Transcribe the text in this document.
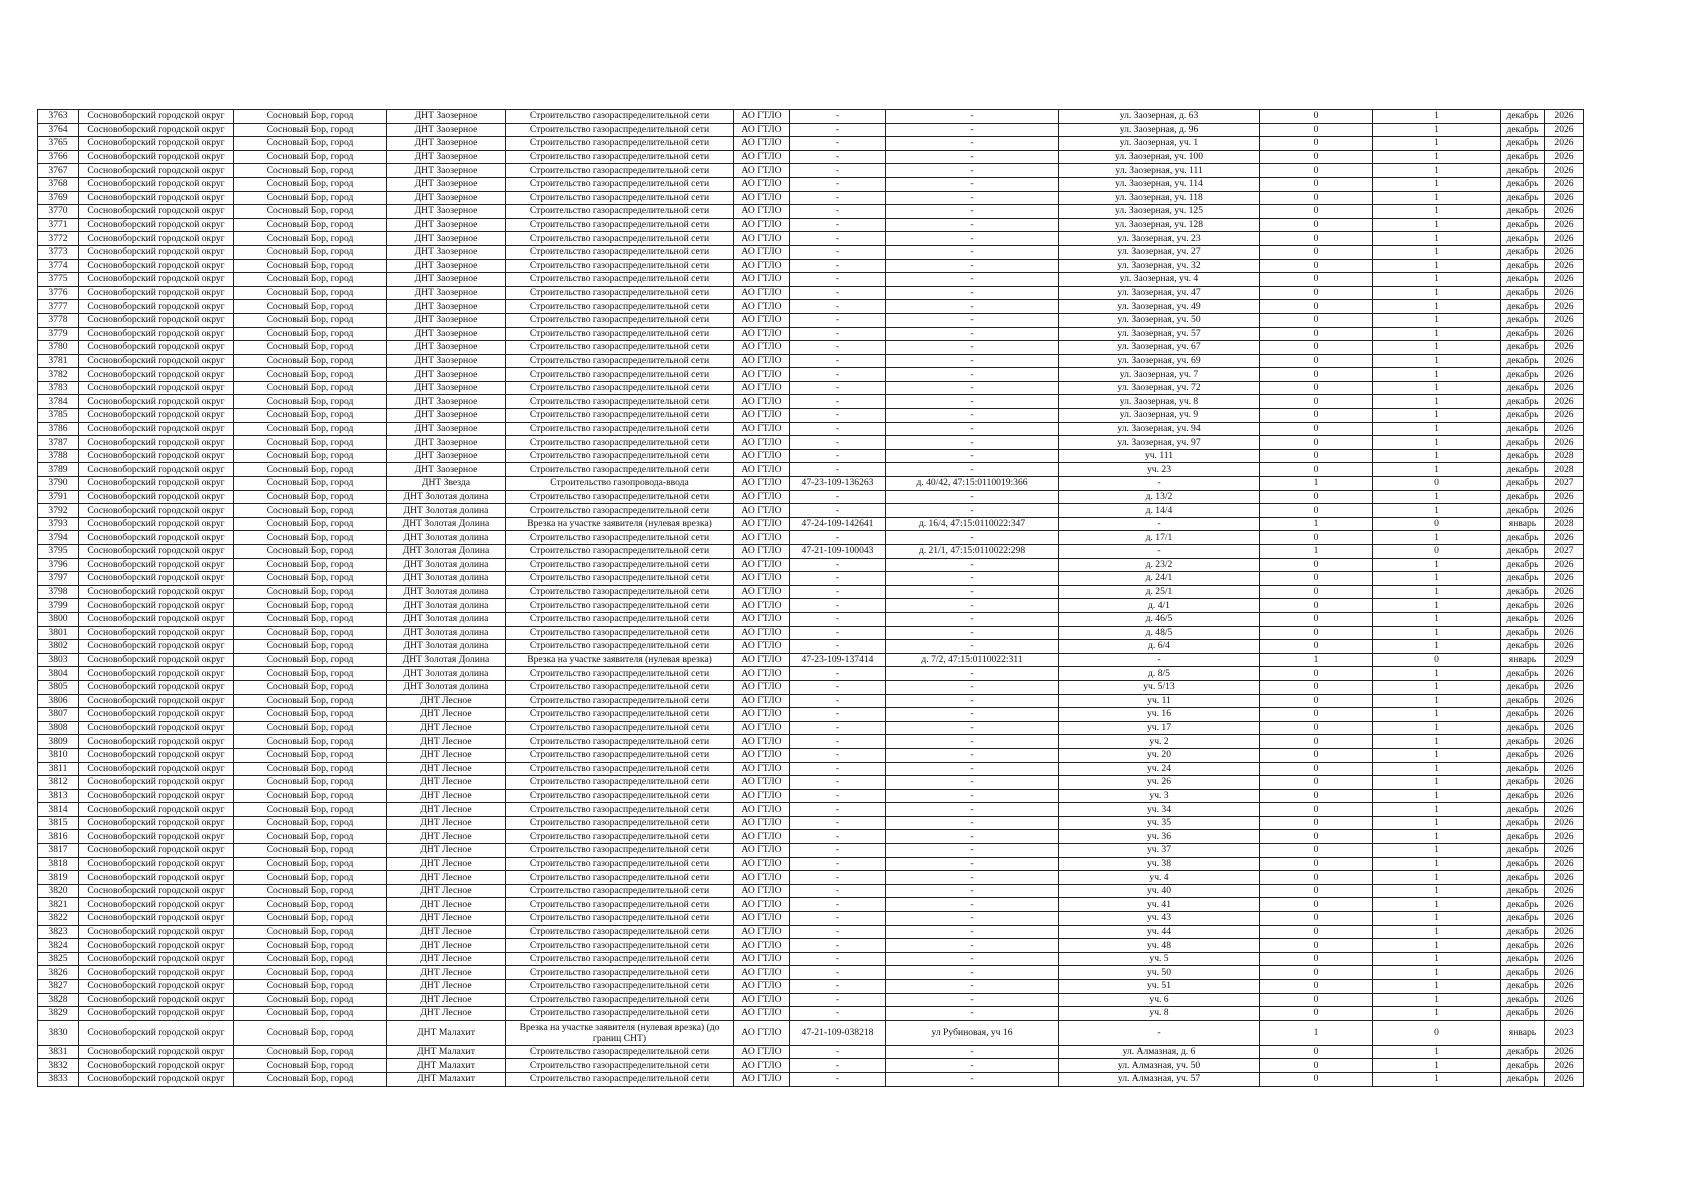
3763	Сосновоборский городской округ	Сосновый Бор, город	ДНТ Заозерное	Строительство газораспределительной сети	АО ГТЛО	-	-	ул. Заозерная, д. 63	0	1	декабрь	2026
3764	Сосновоборский городской округ	Сосновый Бор, город	ДНТ Заозерное	Строительство газораспределительной сети	АО ГТЛО	-	-	ул. Заозерная, д. 96	0	1	декабрь	2026
3765	Сосновоборский городской округ	Сосновый Бор, город	ДНТ Заозерное	Строительство газораспределительной сети	АО ГТЛО	-	-	ул. Заозерная, уч. 1	0	1	декабрь	2026
3766	Сосновоборский городской округ	Сосновый Бор, город	ДНТ Заозерное	Строительство газораспределительной сети	АО ГТЛО	-	-	ул. Заозерная, уч. 100	0	1	декабрь	2026
3767	Сосновоборский городской округ	Сосновый Бор, город	ДНТ Заозерное	Строительство газораспределительной сети	АО ГТЛО	-	-	ул. Заозерная, уч. 111	0	1	декабрь	2026
3768	Сосновоборский городской округ	Сосновый Бор, город	ДНТ Заозерное	Строительство газораспределительной сети	АО ГТЛО	-	-	ул. Заозерная, уч. 114	0	1	декабрь	2026
3769	Сосновоборский городской округ	Сосновый Бор, город	ДНТ Заозерное	Строительство газораспределительной сети	АО ГТЛО	-	-	ул. Заозерная, уч. 118	0	1	декабрь	2026
3770	Сосновоборский городской округ	Сосновый Бор, город	ДНТ Заозерное	Строительство газораспределительной сети	АО ГТЛО	-	-	ул. Заозерная, уч. 125	0	1	декабрь	2026
3771	Сосновоборский городской округ	Сосновый Бор, город	ДНТ Заозерное	Строительство газораспределительной сети	АО ГТЛО	-	-	ул. Заозерная, уч. 128	0	1	декабрь	2026
3772	Сосновоборский городской округ	Сосновый Бор, город	ДНТ Заозерное	Строительство газораспределительной сети	АО ГТЛО	-	-	ул. Заозерная, уч. 23	0	1	декабрь	2026
3773	Сосновоборский городской округ	Сосновый Бор, город	ДНТ Заозерное	Строительство газораспределительной сети	АО ГТЛО	-	-	ул. Заозерная, уч. 27	0	1	декабрь	2026
3774	Сосновоборский городской округ	Сосновый Бор, город	ДНТ Заозерное	Строительство газораспределительной сети	АО ГТЛО	-	-	ул. Заозерная, уч. 32	0	1	декабрь	2026
3775	Сосновоборский городской округ	Сосновый Бор, город	ДНТ Заозерное	Строительство газораспределительной сети	АО ГТЛО	-	-	ул. Заозерная, уч. 4	0	1	декабрь	2026
3776	Сосновоборский городской округ	Сосновый Бор, город	ДНТ Заозерное	Строительство газораспределительной сети	АО ГТЛО	-	-	ул. Заозерная, уч. 47	0	1	декабрь	2026
3777	Сосновоборский городской округ	Сосновый Бор, город	ДНТ Заозерное	Строительство газораспределительной сети	АО ГТЛО	-	-	ул. Заозерная, уч. 49	0	1	декабрь	2026
3778	Сосновоборский городской округ	Сосновый Бор, город	ДНТ Заозерное	Строительство газораспределительной сети	АО ГТЛО	-	-	ул. Заозерная, уч. 50	0	1	декабрь	2026
3779	Сосновоборский городской округ	Сосновый Бор, город	ДНТ Заозерное	Строительство газораспределительной сети	АО ГТЛО	-	-	ул. Заозерная, уч. 57	0	1	декабрь	2026
3780	Сосновоборский городской округ	Сосновый Бор, город	ДНТ Заозерное	Строительство газораспределительной сети	АО ГТЛО	-	-	ул. Заозерная, уч. 67	0	1	декабрь	2026
3781	Сосновоборский городской округ	Сосновый Бор, город	ДНТ Заозерное	Строительство газораспределительной сети	АО ГТЛО	-	-	ул. Заозерная, уч. 69	0	1	декабрь	2026
3782	Сосновоборский городской округ	Сосновый Бор, город	ДНТ Заозерное	Строительство газораспределительной сети	АО ГТЛО	-	-	ул. Заозерная, уч. 7	0	1	декабрь	2026
3783	Сосновоборский городской округ	Сосновый Бор, город	ДНТ Заозерное	Строительство газораспределительной сети	АО ГТЛО	-	-	ул. Заозерная, уч. 72	0	1	декабрь	2026
3784	Сосновоборский городской округ	Сосновый Бор, город	ДНТ Заозерное	Строительство газораспределительной сети	АО ГТЛО	-	-	ул. Заозерная, уч. 8	0	1	декабрь	2026
3785	Сосновоборский городской округ	Сосновый Бор, город	ДНТ Заозерное	Строительство газораспределительной сети	АО ГТЛО	-	-	ул. Заозерная, уч. 9	0	1	декабрь	2026
3786	Сосновоборский городской округ	Сосновый Бор, город	ДНТ Заозерное	Строительство газораспределительной сети	АО ГТЛО	-	-	ул. Заозерная, уч. 94	0	1	декабрь	2026
3787	Сосновоборский городской округ	Сосновый Бор, город	ДНТ Заозерное	Строительство газораспределительной сети	АО ГТЛО	-	-	ул. Заозерная, уч. 97	0	1	декабрь	2026
3788	Сосновоборский городской округ	Сосновый Бор, город	ДНТ Заозерное	Строительство газораспределительной сети	АО ГТЛО	-	-	уч. 111	0	1	декабрь	2028
3789	Сосновоборский городской округ	Сосновый Бор, город	ДНТ Заозерное	Строительство газораспределительной сети	АО ГТЛО	-	-	уч. 23	0	1	декабрь	2028
3790	Сосновоборский городской округ	Сосновый Бор, город	ДНТ Звезда	Строительство газопровода-ввода	АО ГТЛО	47-23-109-136263	д. 40/42, 47:15:0110019:366	-	1	0	декабрь	2027
3791	Сосновоборский городской округ	Сосновый Бор, город	ДНТ Золотая долина	Строительство газораспределительной сети	АО ГТЛО	-	-	д. 13/2	0	1	декабрь	2026
3792	Сосновоборский городской округ	Сосновый Бор, город	ДНТ Золотая долина	Строительство газораспределительной сети	АО ГТЛО	-	-	д. 14/4	0	1	декабрь	2026
3793	Сосновоборский городской округ	Сосновый Бор, город	ДНТ Золотая Долина	Врезка на участке заявителя (нулевая врезка)	АО ГТЛО	47-24-109-142641	д. 16/4, 47:15:0110022:347	-	1	0	январь	2028
3794	Сосновоборский городской округ	Сосновый Бор, город	ДНТ Золотая долина	Строительство газораспределительной сети	АО ГТЛО	-	-	д. 17/1	0	1	декабрь	2026
3795	Сосновоборский городской округ	Сосновый Бор, город	ДНТ Золотая Долина	Строительство газораспределительной сети	АО ГТЛО	47-21-109-100043	д. 21/1, 47:15:0110022:298	-	1	0	декабрь	2027
3796	Сосновоборский городской округ	Сосновый Бор, город	ДНТ Золотая долина	Строительство газораспределительной сети	АО ГТЛО	-	-	д. 23/2	0	1	декабрь	2026
3797	Сосновоборский городской округ	Сосновый Бор, город	ДНТ Золотая долина	Строительство газораспределительной сети	АО ГТЛО	-	-	д. 24/1	0	1	декабрь	2026
3798	Сосновоборский городской округ	Сосновый Бор, город	ДНТ Золотая долина	Строительство газораспределительной сети	АО ГТЛО	-	-	д. 25/1	0	1	декабрь	2026
3799	Сосновоборский городской округ	Сосновый Бор, город	ДНТ Золотая долина	Строительство газораспределительной сети	АО ГТЛО	-	-	д. 4/1	0	1	декабрь	2026
3800	Сосновоборский городской округ	Сосновый Бор, город	ДНТ Золотая долина	Строительство газораспределительной сети	АО ГТЛО	-	-	д. 46/5	0	1	декабрь	2026
3801	Сосновоборский городской округ	Сосновый Бор, город	ДНТ Золотая долина	Строительство газораспределительной сети	АО ГТЛО	-	-	д. 48/5	0	1	декабрь	2026
3802	Сосновоборский городской округ	Сосновый Бор, город	ДНТ Золотая долина	Строительство газораспределительной сети	АО ГТЛО	-	-	д. 6/4	0	1	декабрь	2026
3803	Сосновоборский городской округ	Сосновый Бор, город	ДНТ Золотая Долина	Врезка на участке заявителя (нулевая врезка)	АО ГТЛО	47-23-109-137414	д. 7/2, 47:15:0110022:311	-	1	0	январь	2029
3804	Сосновоборский городской округ	Сосновый Бор, город	ДНТ Золотая долина	Строительство газораспределительной сети	АО ГТЛО	-	-	д. 8/5	0	1	декабрь	2026
3805	Сосновоборский городской округ	Сосновый Бор, город	ДНТ Золотая долина	Строительство газораспределительной сети	АО ГТЛО	-	-	уч. 5/13	0	1	декабрь	2026
3806	Сосновоборский городской округ	Сосновый Бор, город	ДНТ Лесное	Строительство газораспределительной сети	АО ГТЛО	-	-	уч. 11	0	1	декабрь	2026
3807	Сосновоборский городской округ	Сосновый Бор, город	ДНТ Лесное	Строительство газораспределительной сети	АО ГТЛО	-	-	уч. 16	0	1	декабрь	2026
3808	Сосновоборский городской округ	Сосновый Бор, город	ДНТ Лесное	Строительство газораспределительной сети	АО ГТЛО	-	-	уч. 17	0	1	декабрь	2026
3809	Сосновоборский городской округ	Сосновый Бор, город	ДНТ Лесное	Строительство газораспределительной сети	АО ГТЛО	-	-	уч. 2	0	1	декабрь	2026
3810	Сосновоборский городской округ	Сосновый Бор, город	ДНТ Лесное	Строительство газораспределительной сети	АО ГТЛО	-	-	уч. 20	0	1	декабрь	2026
3811	Сосновоборский городской округ	Сосновый Бор, город	ДНТ Лесное	Строительство газораспределительной сети	АО ГТЛО	-	-	уч. 24	0	1	декабрь	2026
3812	Сосновоборский городской округ	Сосновый Бор, город	ДНТ Лесное	Строительство газораспределительной сети	АО ГТЛО	-	-	уч. 26	0	1	декабрь	2026
3813	Сосновоборский городской округ	Сосновый Бор, город	ДНТ Лесное	Строительство газораспределительной сети	АО ГТЛО	-	-	уч. 3	0	1	декабрь	2026
3814	Сосновоборский городской округ	Сосновый Бор, город	ДНТ Лесное	Строительство газораспределительной сети	АО ГТЛО	-	-	уч. 34	0	1	декабрь	2026
3815	Сосновоборский городской округ	Сосновый Бор, город	ДНТ Лесное	Строительство газораспределительной сети	АО ГТЛО	-	-	уч. 35	0	1	декабрь	2026
3816	Сосновоборский городской округ	Сосновый Бор, город	ДНТ Лесное	Строительство газораспределительной сети	АО ГТЛО	-	-	уч. 36	0	1	декабрь	2026
3817	Сосновоборский городской округ	Сосновый Бор, город	ДНТ Лесное	Строительство газораспределительной сети	АО ГТЛО	-	-	уч. 37	0	1	декабрь	2026
3818	Сосновоборский городской округ	Сосновый Бор, город	ДНТ Лесное	Строительство газораспределительной сети	АО ГТЛО	-	-	уч. 38	0	1	декабрь	2026
3819	Сосновоборский городской округ	Сосновый Бор, город	ДНТ Лесное	Строительство газораспределительной сети	АО ГТЛО	-	-	уч. 4	0	1	декабрь	2026
3820	Сосновоборский городской округ	Сосновый Бор, город	ДНТ Лесное	Строительство газораспределительной сети	АО ГТЛО	-	-	уч. 40	0	1	декабрь	2026
3821	Сосновоборский городской округ	Сосновый Бор, город	ДНТ Лесное	Строительство газораспределительной сети	АО ГТЛО	-	-	уч. 41	0	1	декабрь	2026
3822	Сосновоборский городской округ	Сосновый Бор, город	ДНТ Лесное	Строительство газораспределительной сети	АО ГТЛО	-	-	уч. 43	0	1	декабрь	2026
3823	Сосновоборский городской округ	Сосновый Бор, город	ДНТ Лесное	Строительство газораспределительной сети	АО ГТЛО	-	-	уч. 44	0	1	декабрь	2026
3824	Сосновоборский городской округ	Сосновый Бор, город	ДНТ Лесное	Строительство газораспределительной сети	АО ГТЛО	-	-	уч. 48	0	1	декабрь	2026
3825	Сосновоборский городской округ	Сосновый Бор, город	ДНТ Лесное	Строительство газораспределительной сети	АО ГТЛО	-	-	уч. 5	0	1	декабрь	2026
3826	Сосновоборский городской округ	Сосновый Бор, город	ДНТ Лесное	Строительство газораспределительной сети	АО ГТЛО	-	-	уч. 50	0	1	декабрь	2026
3827	Сосновоборский городской округ	Сосновый Бор, город	ДНТ Лесное	Строительство газораспределительной сети	АО ГТЛО	-	-	уч. 51	0	1	декабрь	2026
3828	Сосновоборский городской округ	Сосновый Бор, город	ДНТ Лесное	Строительство газораспределительной сети	АО ГТЛО	-	-	уч. 6	0	1	декабрь	2026
3829	Сосновоборский городской округ	Сосновый Бор, город	ДНТ Лесное	Строительство газораспределительной сети	АО ГТЛО	-	-	уч. 8	0	1	декабрь	2026
3830	Сосновоборский городской округ	Сосновый Бор, город	ДНТ Малахит	Врезка на участке заявителя (нулевая врезка) (до границ СНТ)	АО ГТЛО	47-21-109-038218	ул Рубиновая, уч 16	-	1	0	январь	2023
3831	Сосновоборский городской округ	Сосновый Бор, город	ДНТ Малахит	Строительство газораспределительной сети	АО ГТЛО	-	-	ул. Алмазная, д. 6	0	1	декабрь	2026
3832	Сосновоборский городской округ	Сосновый Бор, город	ДНТ Малахит	Строительство газораспределительной сети	АО ГТЛО	-	-	ул. Алмазная, уч. 50	0	1	декабрь	2026
3833	Сосновоборский городской округ	Сосновый Бор, город	ДНТ Малахит	Строительство газораспределительной сети	АО ГТЛО	-	-	ул. Алмазная, уч. 57	0	1	декабрь	2026
